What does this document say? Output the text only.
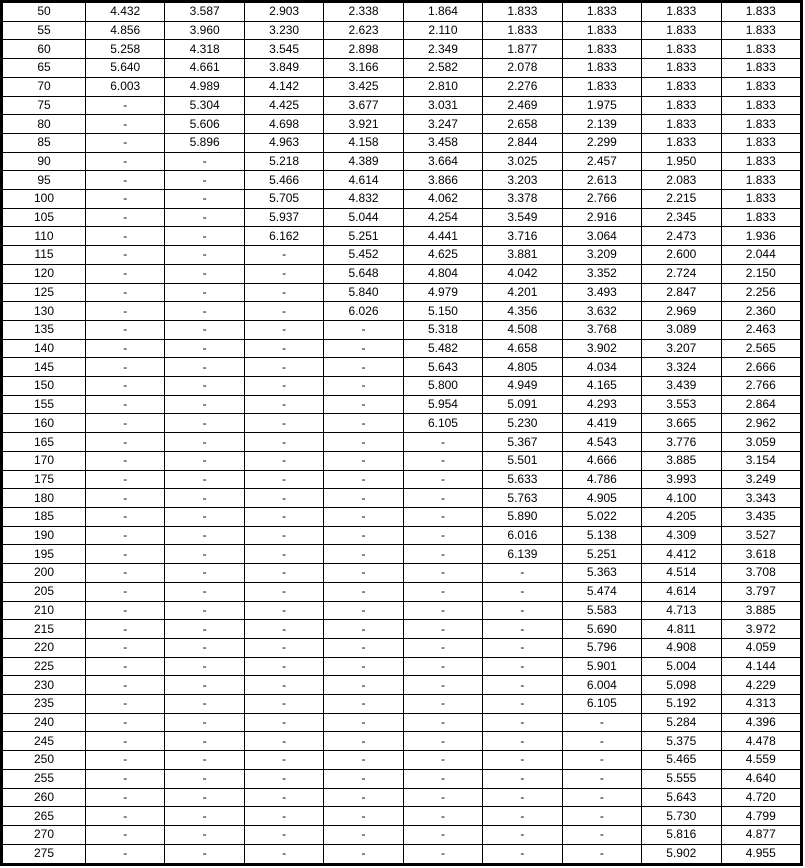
50	4.432	3.587	2.903	2.338	1.864	1.833	1.833	1.833	1.833
55	4.856	3.960	3.230	2.623	2.110	1.833	1.833	1.833	1.833
60	5.258	4.318	3.545	2.898	2.349	1.877	1.833	1.833	1.833
65	5.640	4.661	3.849	3.166	2.582	2.078	1.833	1.833	1.833
70	6.003	4.989	4.142	3.425	2.810	2.276	1.833	1.833	1.833
75	-	5.304	4.425	3.677	3.031	2.469	1.975	1.833	1.833
80	-	5.606	4.698	3.921	3.247	2.658	2.139	1.833	1.833
85	-	5.896	4.963	4.158	3.458	2.844	2.299	1.833	1.833
90	-	-	5.218	4.389	3.664	3.025	2.457	1.950	1.833
95	-	-	5.466	4.614	3.866	3.203	2.613	2.083	1.833
100	-	-	5.705	4.832	4.062	3.378	2.766	2.215	1.833
105	-	-	5.937	5.044	4.254	3.549	2.916	2.345	1.833
110	-	-	6.162	5.251	4.441	3.716	3.064	2.473	1.936
115	-	-	-	5.452	4.625	3.881	3.209	2.600	2.044
120	-	-	-	5.648	4.804	4.042	3.352	2.724	2.150
125	-	-	-	5.840	4.979	4.201	3.493	2.847	2.256
130	-	-	-	6.026	5.150	4.356	3.632	2.969	2.360
135	-	-	-	-	5.318	4.508	3.768	3.089	2.463
140	-	-	-	-	5.482	4.658	3.902	3.207	2.565
145	-	-	-	-	5.643	4.805	4.034	3.324	2.666
150	-	-	-	-	5.800	4.949	4.165	3.439	2.766
155	-	-	-	-	5.954	5.091	4.293	3.553	2.864
160	-	-	-	-	6.105	5.230	4.419	3.665	2.962
165	-	-	-	-	-	5.367	4.543	3.776	3.059
170	-	-	-	-	-	5.501	4.666	3.885	3.154
175	-	-	-	-	-	5.633	4.786	3.993	3.249
180	-	-	-	-	-	5.763	4.905	4.100	3.343
185	-	-	-	-	-	5.890	5.022	4.205	3.435
190	-	-	-	-	-	6.016	5.138	4.309	3.527
195	-	-	-	-	-	6.139	5.251	4.412	3.618
200	-	-	-	-	-	-	5.363	4.514	3.708
205	-	-	-	-	-	-	5.474	4.614	3.797
210	-	-	-	-	-	-	5.583	4.713	3.885
215	-	-	-	-	-	-	5.690	4.811	3.972
220	-	-	-	-	-	-	5.796	4.908	4.059
225	-	-	-	-	-	-	5.901	5.004	4.144
230	-	-	-	-	-	-	6.004	5.098	4.229
235	-	-	-	-	-	-	6.105	5.192	4.313
240	-	-	-	-	-	-	-	5.284	4.396
245	-	-	-	-	-	-	-	5.375	4.478
250	-	-	-	-	-	-	-	5.465	4.559
255	-	-	-	-	-	-	-	5.555	4.640
260	-	-	-	-	-	-	-	5.643	4.720
265	-	-	-	-	-	-	-	5.730	4.799
270	-	-	-	-	-	-	-	5.816	4.877
275	-	-	-	-	-	-	-	5.902	4.955
